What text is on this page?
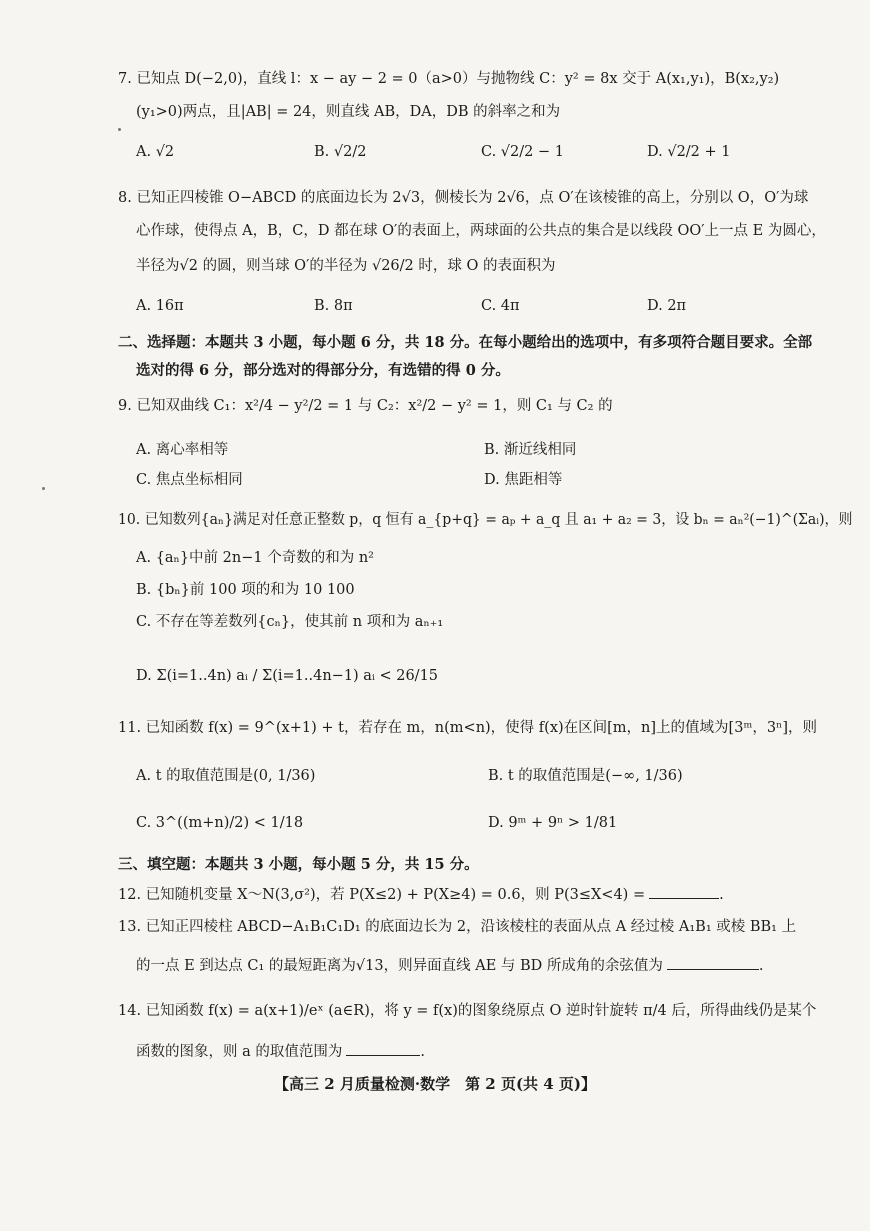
7. 已知点 D(−2,0)，直线 l：x − ay − 2 = 0（a>0）与抛物线 C：y² = 8x 交于 A(x₁,y₁)，B(x₂,y₂)
(y₁>0)两点，且|AB| = 24，则直线 AB，DA，DB 的斜率之和为
A. √2	B. √2/2	C. √2/2 − 1	D. √2/2 + 1
8. 已知正四棱锥 O−ABCD 的底面边长为 2√3，侧棱长为 2√6，点 O′在该棱锥的高上，分别以 O，O′为球
心作球，使得点 A，B，C，D 都在球 O′的表面上，两球面的公共点的集合是以线段 OO′上一点 E 为圆心，
半径为√2 的圆，则当球 O′的半径为 √26/2 时，球 O 的表面积为
A. 16π	B. 8π	C. 4π	D. 2π
二、选择题：本题共 3 小题，每小题 6 分，共 18 分。在每小题给出的选项中，有多项符合题目要求。全部
选对的得 6 分，部分选对的得部分分，有选错的得 0 分。
9. 已知双曲线 C₁：x²/4 − y²/2 = 1 与 C₂：x²/2 − y² = 1，则 C₁ 与 C₂ 的
A. 离心率相等	B. 渐近线相同
C. 焦点坐标相同	D. 焦距相等
10. 已知数列{aₙ}满足对任意正整数 p，q 恒有 a_{p+q} = aₚ + a_q 且 a₁ + a₂ = 3，设 bₙ = aₙ²(−1)^(Σaᵢ)，则
A. {aₙ}中前 2n−1 个奇数的和为 n²
B. {bₙ}前 100 项的和为 10 100
C. 不存在等差数列{cₙ}，使其前 n 项和为 aₙ₊₁
D. Σ(i=1..4n) aᵢ / Σ(i=1..4n−1) aᵢ < 26/15
11. 已知函数 f(x) = 9^(x+1) + t，若存在 m，n(m<n)，使得 f(x)在区间[m，n]上的值域为[3ᵐ，3ⁿ]，则
A. t 的取值范围是(0, 1/36)	B. t 的取值范围是(−∞, 1/36)
C. 3^((m+n)/2) < 1/18	D. 9ᵐ + 9ⁿ > 1/81
三、填空题：本题共 3 小题，每小题 5 分，共 15 分。
12. 已知随机变量 X～N(3,σ²)，若 P(X≤2) + P(X≥4) = 0.6，则 P(3≤X<4) =	.
13. 已知正四棱柱 ABCD−A₁B₁C₁D₁ 的底面边长为 2，沿该棱柱的表面从点 A 经过棱 A₁B₁ 或棱 BB₁ 上
的一点 E 到达点 C₁ 的最短距离为√13，则异面直线 AE 与 BD 所成角的余弦值为	.
14. 已知函数 f(x) = a(x+1)/eˣ (a∈R)，将 y = f(x)的图象绕原点 O 逆时针旋转 π/4 后，所得曲线仍是某个
函数的图象，则 a 的取值范围为	.
【高三 2 月质量检测·数学　第 2 页(共 4 页)】
